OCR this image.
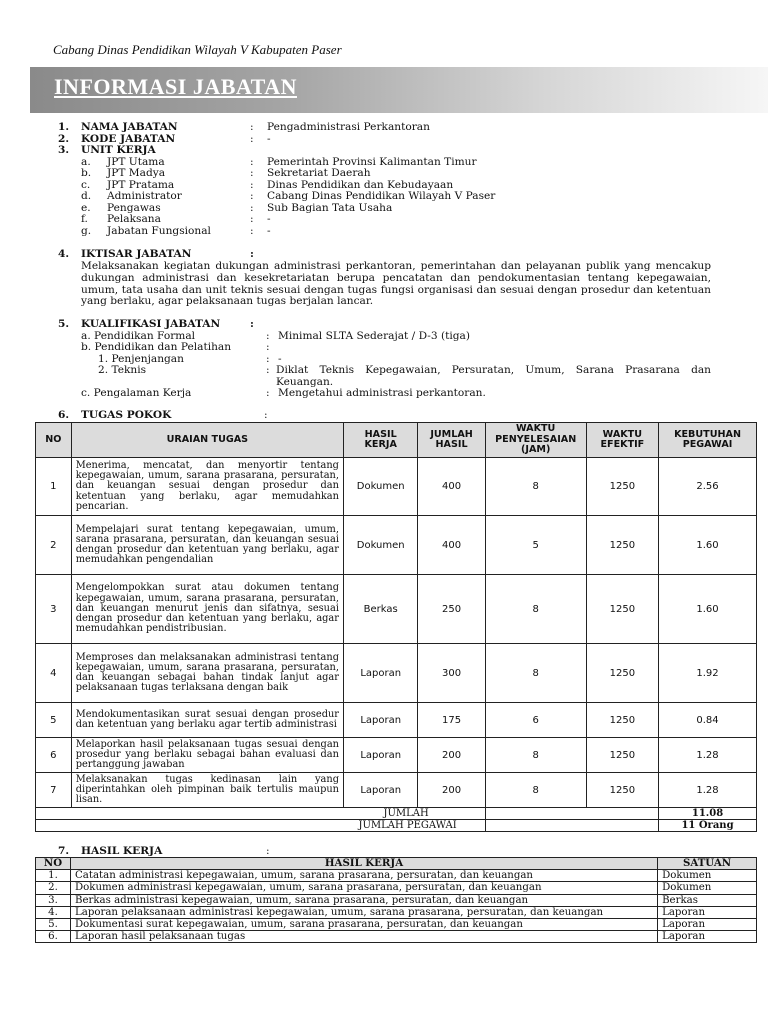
Cabang Dinas Pendidikan Wilayah V Kabupaten Paser
INFORMASI JABATAN
1. NAMA JABATAN	: Pengadministrasi Perkantoran
2. KODE JABATAN	: -
3. UNIT KERJA
a. JPT Utama	: Pemerintah Provinsi Kalimantan Timur
b. JPT Madya	: Sekretariat Daerah
c. JPT Pratama	: Dinas Pendidikan dan Kebudayaan
d. Administrator	: Cabang Dinas Pendidikan Wilayah V Paser
e. Pengawas	: Sub Bagian Tata Usaha
f. Pelaksana	: -
g. Jabatan Fungsional	: -
4. IKTISAR JABATAN	:
Melaksanakan kegiatan dukungan administrasi perkantoran, pemerintahan dan pelayanan publik yang mencakup dukungan administrasi dan kesekretariatan berupa pencatatan dan pendokumentasian tentang kepegawaian, umum, tata usaha dan unit teknis sesuai dengan tugas fungsi organisasi dan sesuai dengan prosedur dan ketentuan yang berlaku, agar pelaksanaan tugas berjalan lancar.
5. KUALIFIKASI JABATAN	:
a. Pendidikan Formal	: Minimal SLTA Sederajat / D-3 (tiga)
b. Pendidikan dan Pelatihan	:
1. Penjenjangan	: -
2. Teknis	: Diklat Teknis Kepegawaian, Persuratan, Umum, Sarana Prasarana dan
Keuangan.
c. Pengalaman Kerja	: Mengetahui administrasi perkantoran.
6. TUGAS POKOK	:
NO	URAIAN TUGAS	HASIL KERJA	JUMLAH HASIL	WAKTU PENYELESAIAN (JAM)	WAKTU EFEKTIF	KEBUTUHAN PEGAWAI
1	Menerima, mencatat, dan menyortir tentang kepegawaian, umum, sarana prasarana, persuratan, dan keuangan sesuai dengan prosedur dan ketentuan yang berlaku, agar memudahkan pencarian.	Dokumen	400	8	1250	2.56
2	Mempelajari surat tentang kepegawaian, umum, sarana prasarana, persuratan, dan keuangan sesuai dengan prosedur dan ketentuan yang berlaku, agar memudahkan pengendalian	Dokumen	400	5	1250	1.60
3	Mengelompokkan surat atau dokumen tentang kepegawaian, umum, sarana prasarana, persuratan, dan keuangan menurut jenis dan sifatnya, sesuai dengan prosedur dan ketentuan yang berlaku, agar memudahkan pendistribusian.	Berkas	250	8	1250	1.60
4	Memproses dan melaksanakan administrasi tentang kepegawaian, umum, sarana prasarana, persuratan, dan keuangan sebagai bahan tindak lanjut agar pelaksanaan tugas terlaksana dengan baik	Laporan	300	8	1250	1.92
5	Mendokumentasikan surat sesuai dengan prosedur dan ketentuan yang berlaku agar tertib administrasi	Laporan	175	6	1250	0.84
6	Melaporkan hasil pelaksanaan tugas sesuai dengan prosedur yang berlaku sebagai bahan evaluasi dan pertanggung jawaban	Laporan	200	8	1250	1.28
7	Melaksanakan tugas kedinasan lain yang diperintahkan oleh pimpinan baik tertulis maupun lisan.	Laporan	200	8	1250	1.28
JUMLAH						11.08
JUMLAH PEGAWAI						11 Orang
7. HASIL KERJA	:
NO	HASIL KERJA	SATUAN
1.	Catatan administrasi kepegawaian, umum, sarana prasarana, persuratan, dan keuangan	Dokumen
2.	Dokumen administrasi kepegawaian, umum, sarana prasarana, persuratan, dan keuangan	Dokumen
3.	Berkas administrasi kepegawaian, umum, sarana prasarana, persuratan, dan keuangan	Berkas
4.	Laporan pelaksanaan administrasi kepegawaian, umum, sarana prasarana, persuratan, dan keuangan	Laporan
5.	Dokumentasi surat kepegawaian, umum, sarana prasarana, persuratan, dan keuangan	Laporan
6.	Laporan hasil pelaksanaan tugas	Laporan
